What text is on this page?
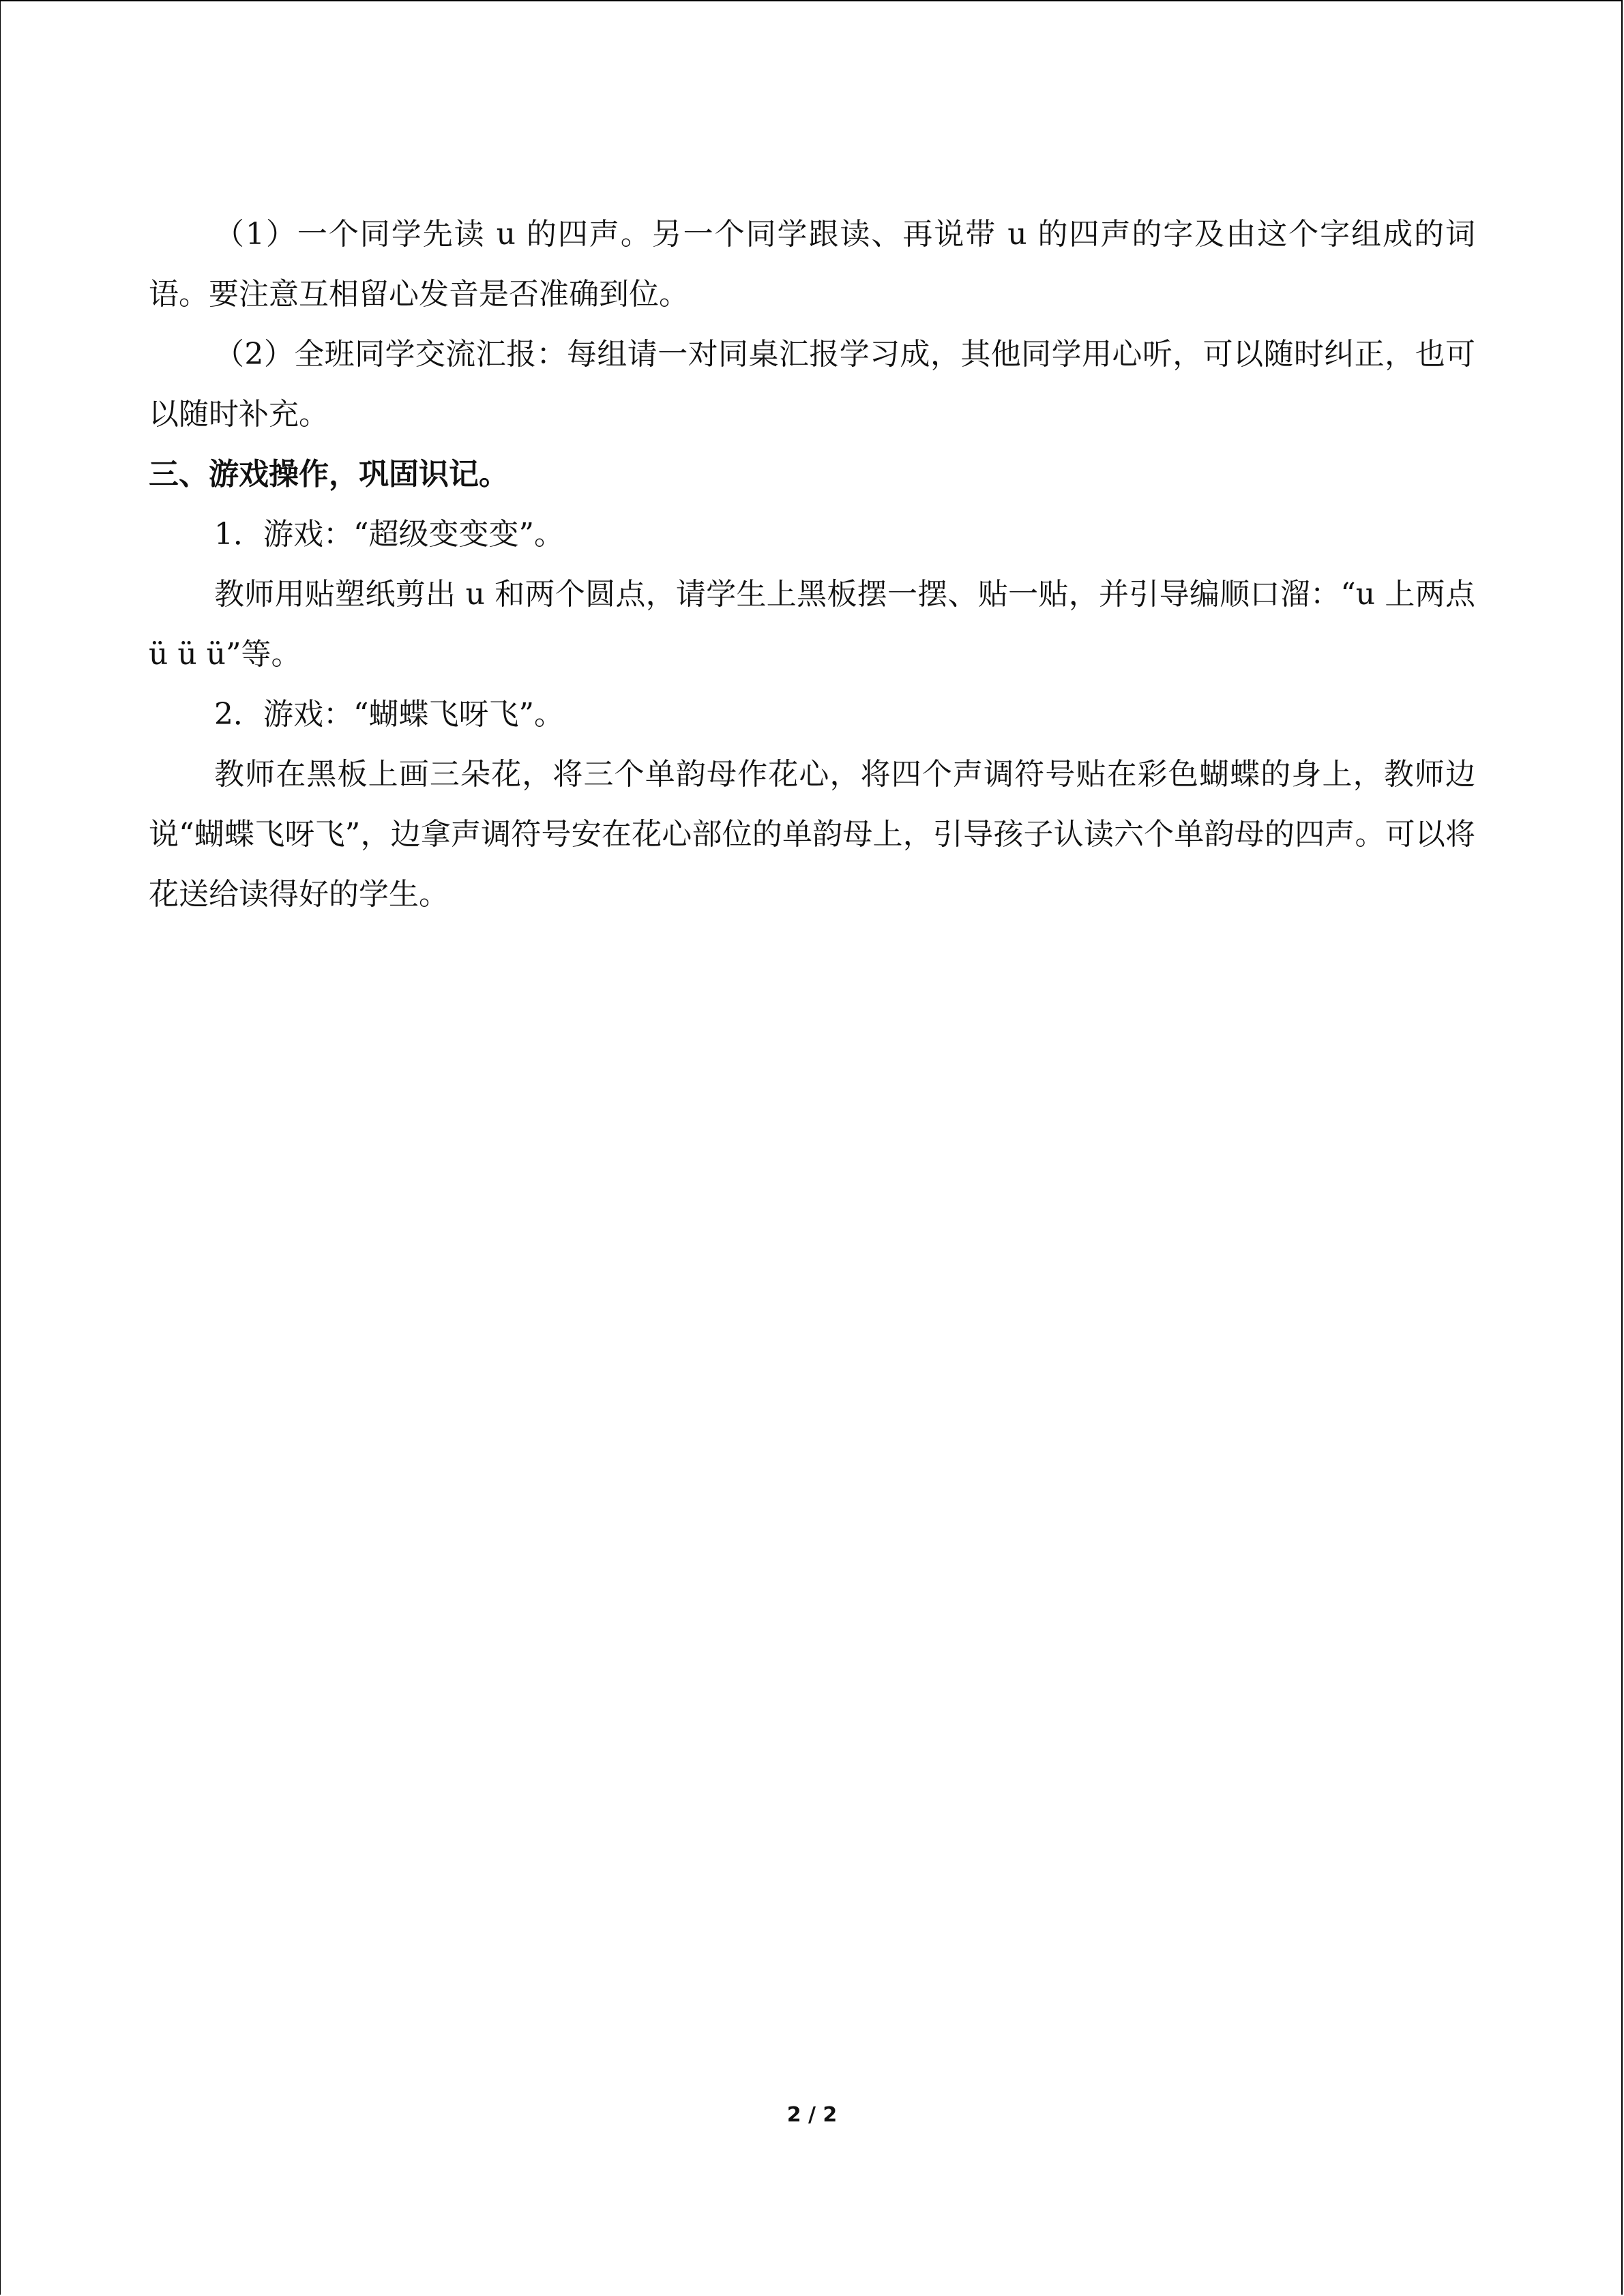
（1）一个同学先读 u 的四声。另一个同学跟读、再说带 u 的四声的字及由这个字组成的词语。要注意互相留心发音是否准确到位。

（2）全班同学交流汇报：每组请一对同桌汇报学习成，其他同学用心听，可以随时纠正，也可以随时补充。

三、游戏操作，巩固识记。

1．游戏：“超级变变变”。

教师用贴塑纸剪出 u 和两个圆点，请学生上黑板摆一摆、贴一贴，并引导编顺口溜：“u 上两点 ü ü ü”等。

2．游戏：“蝴蝶飞呀飞”。

教师在黑板上画三朵花，将三个单韵母作花心，将四个声调符号贴在彩色蝴蝶的身上，教师边说“蝴蝶飞呀飞”，边拿声调符号安在花心部位的单韵母上，引导孩子认读六个单韵母的四声。可以将花送给读得好的学生。

2 / 2
